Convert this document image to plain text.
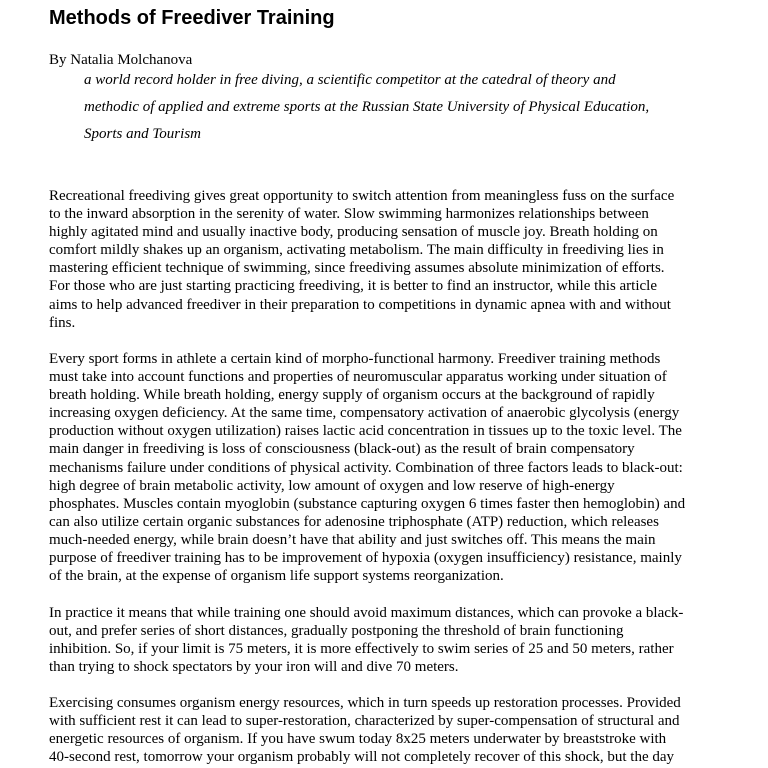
Methods of Freediver Training

By Natalia Molchanova

a world record holder in free diving, a scientific competitor at the catedral of theory and
methodic of applied and extreme sports at the Russian State University of Physical Education,
Sports and Tourism
Recreational freediving gives great opportunity to switch attention from meaningless fuss on the surface
to the inward absorption in the serenity of water. Slow swimming harmonizes relationships between
highly agitated mind and usually inactive body, producing sensation of muscle joy. Breath holding on
comfort mildly shakes up an organism, activating metabolism. The main difficulty in freediving lies in
mastering efficient technique of swimming, since freediving assumes absolute minimization of efforts.
For those who are just starting practicing freediving, it is better to find an instructor, while this article
aims to help advanced freediver in their preparation to competitions in dynamic apnea with and without
fins.
Every sport forms in athlete a certain kind of morpho-functional harmony. Freediver training methods
must take into account functions and properties of neuromuscular apparatus working under situation of
breath holding. While breath holding, energy supply of organism occurs at the background of rapidly
increasing oxygen deficiency. At the same time, compensatory activation of anaerobic glycolysis (energy
production without oxygen utilization) raises lactic acid concentration in tissues up to the toxic level. The
main danger in freediving is loss of consciousness (black-out) as the result of brain compensatory
mechanisms failure under conditions of physical activity. Combination of three factors leads to black-out:
high degree of brain metabolic activity, low amount of oxygen and low reserve of high-energy
phosphates. Muscles contain myoglobin (substance capturing oxygen 6 times faster then hemoglobin) and
can also utilize certain organic substances for adenosine triphosphate (ATP) reduction, which releases
much-needed energy, while brain doesn’t have that ability and just switches off. This means the main
purpose of freediver training has to be improvement of hypoxia (oxygen insufficiency) resistance, mainly
of the brain, at the expense of organism life support systems reorganization.
In practice it means that while training one should avoid maximum distances, which can provoke a black-
out, and prefer series of short distances, gradually postponing the threshold of brain functioning
inhibition. So, if your limit is 75 meters, it is more effectively to swim series of 25 and 50 meters, rather
than trying to shock spectators by your iron will and dive 70 meters.
Exercising consumes organism energy resources, which in turn speeds up restoration processes. Provided
with sufficient rest it can lead to super-restoration, characterized by super-compensation of structural and
energetic resources of organism. If you have swum today 8x25 meters underwater by breaststroke with
40-second rest, tomorrow your organism probably will not completely recover of this shock, but the day
